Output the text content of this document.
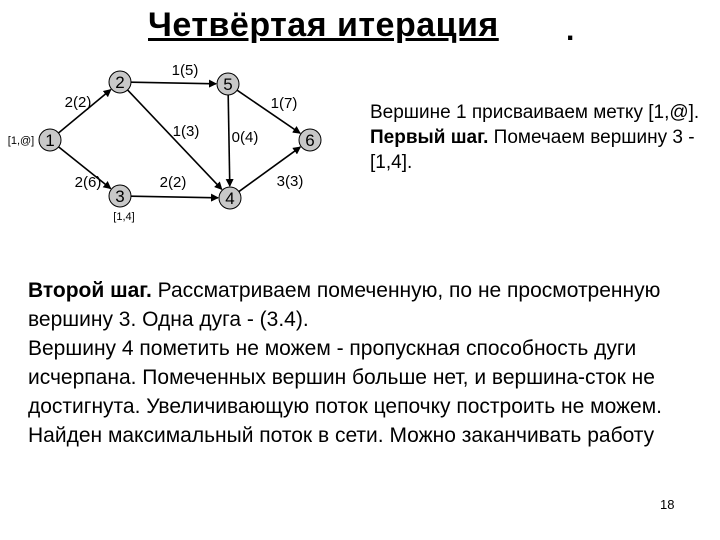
Четвёртая итерация .
2(2)
1(5)
1(7)
2(6)	2(2)	3(3)
1(3) 0(4)
1
[1,@]
2
3
[1,4]
4
5
6

Вершине 1 присваиваем метку [1,@].

Первый шаг. Помечаем вершину 3 - [1,4].

Второй шаг. Рассматриваем помеченную, по не просмотренную вершину 3. Одна дуга - (3.4).

Вершину 4 пометить не можем - пропускная способность дуги исчерпана. Помеченных вершин больше нет, и вершина-сток не достигнута. Увеличивающую поток цепочку построить не можем.

Найден максимальный поток в сети. Можно заканчивать работу

18
